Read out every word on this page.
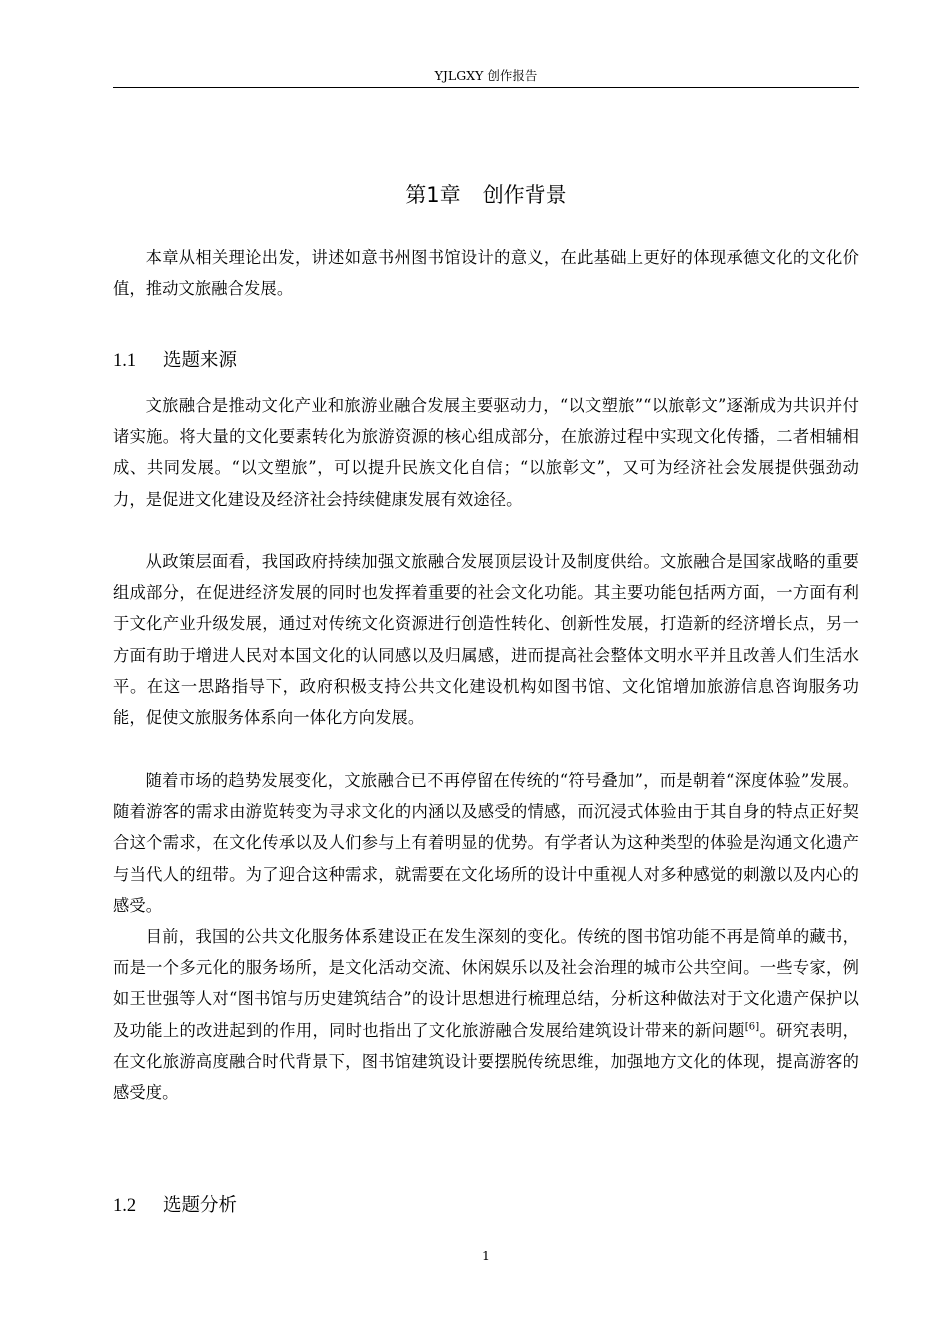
YJLGXY 创作报告
第1章 创作背景

本章从相关理论出发，讲述如意书州图书馆设计的意义，在此基础上更好的体现承德文化的文化价值，推动文旅融合发展。

1.1 选题来源

文旅融合是推动文化产业和旅游业融合发展主要驱动力，“以文塑旅”“以旅彰文”逐渐成为共识并付诸实施。将大量的文化要素转化为旅游资源的核心组成部分，在旅游过程中实现文化传播，二者相辅相成、共同发展。“以文塑旅”，可以提升民族文化自信；“以旅彰文”，又可为经济社会发展提供强劲动力，是促进文化建设及经济社会持续健康发展有效途径。

从政策层面看，我国政府持续加强文旅融合发展顶层设计及制度供给。文旅融合是国家战略的重要组成部分，在促进经济发展的同时也发挥着重要的社会文化功能。其主要功能包括两方面，一方面有利于文化产业升级发展，通过对传统文化资源进行创造性转化、创新性发展，打造新的经济增长点，另一方面有助于增进人民对本国文化的认同感以及归属感，进而提高社会整体文明水平并且改善人们生活水平。在这一思路指导下，政府积极支持公共文化建设机构如图书馆、文化馆增加旅游信息咨询服务功能，促使文旅服务体系向一体化方向发展。

随着市场的趋势发展变化，文旅融合已不再停留在传统的“符号叠加”，而是朝着“深度体验”发展。随着游客的需求由游览转变为寻求文化的内涵以及感受的情感，而沉浸式体验由于其自身的特点正好契合这个需求，在文化传承以及人们参与上有着明显的优势。有学者认为这种类型的体验是沟通文化遗产与当代人的纽带。为了迎合这种需求，就需要在文化场所的设计中重视人对多种感觉的刺激以及内心的感受。

目前，我国的公共文化服务体系建设正在发生深刻的变化。传统的图书馆功能不再是简单的藏书，而是一个多元化的服务场所，是文化活动交流、休闲娱乐以及社会治理的城市公共空间。一些专家，例如王世强等人对“图书馆与历史建筑结合”的设计思想进行梳理总结，分析这种做法对于文化遗产保护以及功能上的改进起到的作用，同时也指出了文化旅游融合发展给建筑设计带来的新问题[6]。研究表明，在文化旅游高度融合时代背景下，图书馆建筑设计要摆脱传统思维，加强地方文化的体现，提高游客的感受度。

1.2 选题分析
1
